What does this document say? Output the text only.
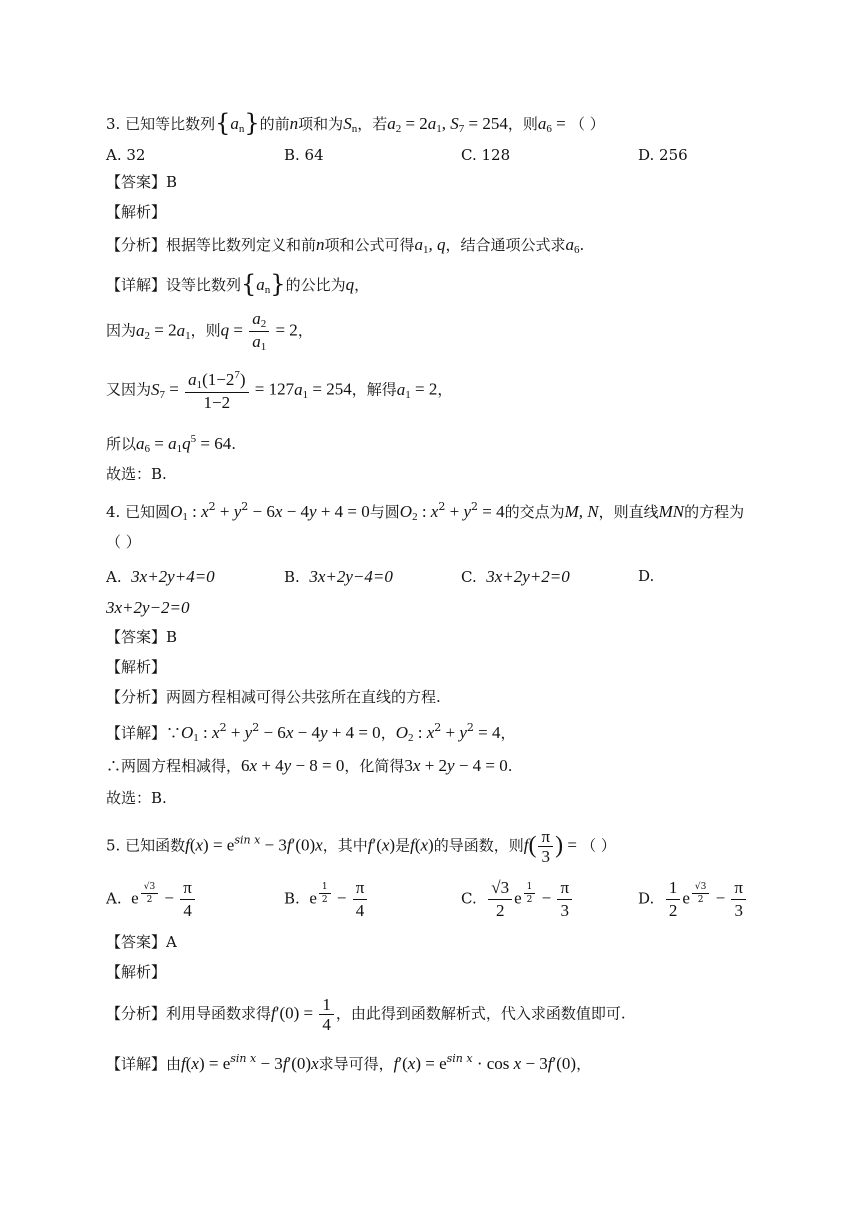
3. 已知等比数列$\{a_n\}$的前n项和为$S_n$，若$a_2 = 2a_1$, $S_7 = 254$，则$a_6$ = （ ）
A. 32	B. 64	C. 128	D. 256
【答案】B
【解析】
【分析】根据等比数列定义和前n项和公式可得$a_1$, q，结合通项公式求$a_6$.
【详解】设等比数列$\{a_n\}$的公比为q，
因为$a_2 = 2a_1$，则$q = \frac{a_2}{a_1} = 2$，
又因为$S_7 = \frac{a_1(1-2^7)}{1-2} = 127a_1 = 254$，解得$a_1 = 2$，
所以$a_6 = a_1q^5 = 64$.
故选：B.
4. 已知圆$O_1$ : $x^2 + y^2 - 6x - 4y + 4 = 0$与圆$O_2$ : $x^2 + y^2 = 4$的交点为M, N，则直线MN的方程为
（ ）
A. 3x+2y+4=0	B. 3x+2y−4=0	C. 3x+2y+2=0	D.
3x+2y−2=0
【答案】B
【解析】
【分析】两圆方程相减可得公共弦所在直线的方程.
【详解】$\because O_1$ : $x^2 + y^2 - 6x - 4y + 4 = 0$，$O_2$ : $x^2 + y^2 = 4$，
∴两圆方程相减得，6x + 4y − 8 = 0，化简得3x + 2y − 4 = 0.
故选：B.
5. 已知函数$f(x) = e^{sin x} - 3f'(0)x$，其中f′(x)是f(x)的导函数，则$f( \frac{\pi}{3}$ ) = （ ）
A. e $^{\frac{√3}{2}} - \frac{\pi}{4}$	B. e $^{\frac{1}{2}} - \frac{\pi}{4}$	C. $\frac{√3}{2}$ e $^{\frac{1}{2}} - \frac{\pi}{3}$	D. $\frac{1}{2}$ e $^{\frac{√3}{2}} - \frac{\pi}{3}$
【答案】A
【解析】
【分析】利用导函数求得$f'(0) = \frac{1}{4}$ ，由此得到函数解析式，代入求函数值即可.
【详解】由$f(x) = e^{sin x} - 3f'(0)x$求导可得，$f'(x) = e^{sin x} \cdot \cos x - 3f'(0)$，
